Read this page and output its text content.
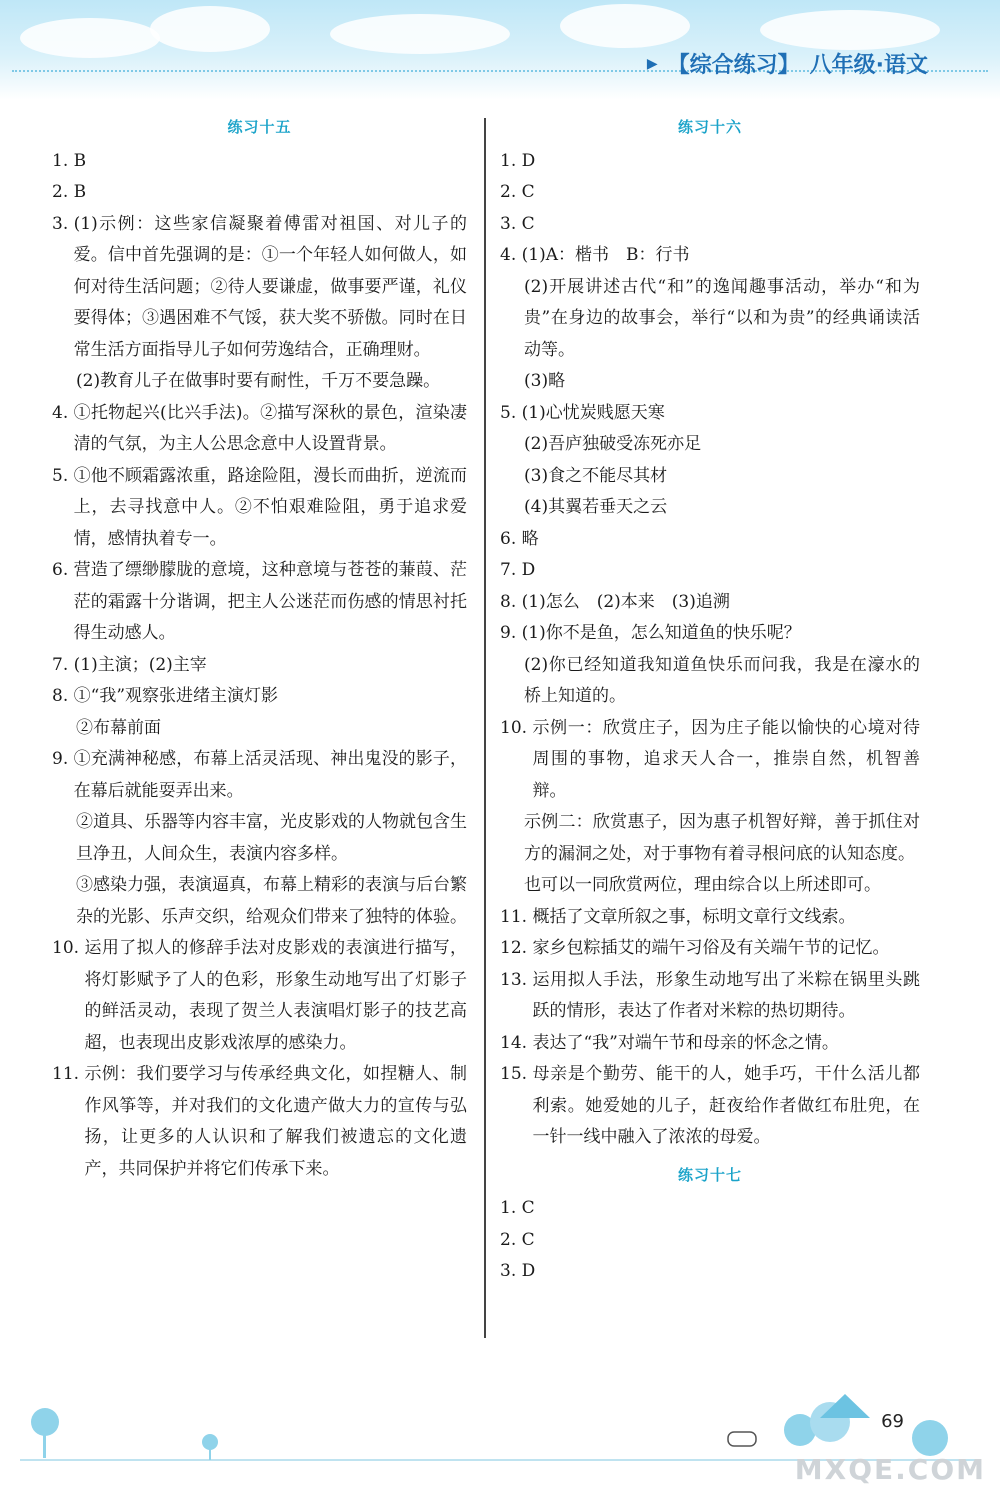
▶ 【综合练习】 八年级·语文
练习十五
1. B
2. B
3. (1)示例：这些家信凝聚着傅雷对祖国、对儿子的爱。信中首先强调的是：①一个年轻人如何做人，如何对待生活问题；②待人要谦虚，做事要严谨，礼仪要得体；③遇困难不气馁，获大奖不骄傲。同时在日常生活方面指导儿子如何劳逸结合，正确理财。
(2)教育儿子在做事时要有耐性，千万不要急躁。
4. ①托物起兴(比兴手法)。②描写深秋的景色，渲染凄清的气氛，为主人公思念意中人设置背景。
5. ①他不顾霜露浓重，路途险阻，漫长而曲折，逆流而上，去寻找意中人。②不怕艰难险阻，勇于追求爱情，感情执着专一。
6. 营造了缥缈朦胧的意境，这种意境与苍苍的蒹葭、茫茫的霜露十分谐调，把主人公迷茫而伤感的情思衬托得生动感人。
7. (1)主演；(2)主宰
8. ①“我”观察张进绪主演灯影
②布幕前面
9. ①充满神秘感，布幕上活灵活现、神出鬼没的影子，在幕后就能耍弄出来。
②道具、乐器等内容丰富，光皮影戏的人物就包含生旦净丑，人间众生，表演内容多样。
③感染力强，表演逼真，布幕上精彩的表演与后台繁杂的光影、乐声交织，给观众们带来了独特的体验。
10. 运用了拟人的修辞手法对皮影戏的表演进行描写，将灯影赋予了人的色彩，形象生动地写出了灯影子的鲜活灵动，表现了贺兰人表演唱灯影子的技艺高超，也表现出皮影戏浓厚的感染力。
11. 示例：我们要学习与传承经典文化，如捏糖人、制作风筝等，并对我们的文化遗产做大力的宣传与弘扬，让更多的人认识和了解我们被遗忘的文化遗产，共同保护并将它们传承下来。
练习十六
1. D
2. C
3. C
4. (1)A：楷书　B：行书
(2)开展讲述古代“和”的逸闻趣事活动，举办“和为贵”在身边的故事会，举行“以和为贵”的经典诵读活动等。
(3)略
5. (1)心忧炭贱愿天寒
(2)吾庐独破受冻死亦足
(3)食之不能尽其材
(4)其翼若垂天之云
6. 略
7. D
8. (1)怎么　(2)本来　(3)追溯
9. (1)你不是鱼，怎么知道鱼的快乐呢？
(2)你已经知道我知道鱼快乐而问我，我是在濠水的桥上知道的。
10. 示例一：欣赏庄子，因为庄子能以愉快的心境对待周围的事物，追求天人合一，推崇自然，机智善辩。
示例二：欣赏惠子，因为惠子机智好辩，善于抓住对方的漏洞之处，对于事物有着寻根问底的认知态度。
也可以一同欣赏两位，理由综合以上所述即可。
11. 概括了文章所叙之事，标明文章行文线索。
12. 家乡包粽插艾的端午习俗及有关端午节的记忆。
13. 运用拟人手法，形象生动地写出了米粽在锅里头跳跃的情形，表达了作者对米粽的热切期待。
14. 表达了“我”对端午节和母亲的怀念之情。
15. 母亲是个勤劳、能干的人，她手巧，干什么活儿都利索。她爱她的儿子，赶夜给作者做红布肚兜，在一针一线中融入了浓浓的母爱。
练习十七
1. C
2. C
3. D
69
MXQE.COM
